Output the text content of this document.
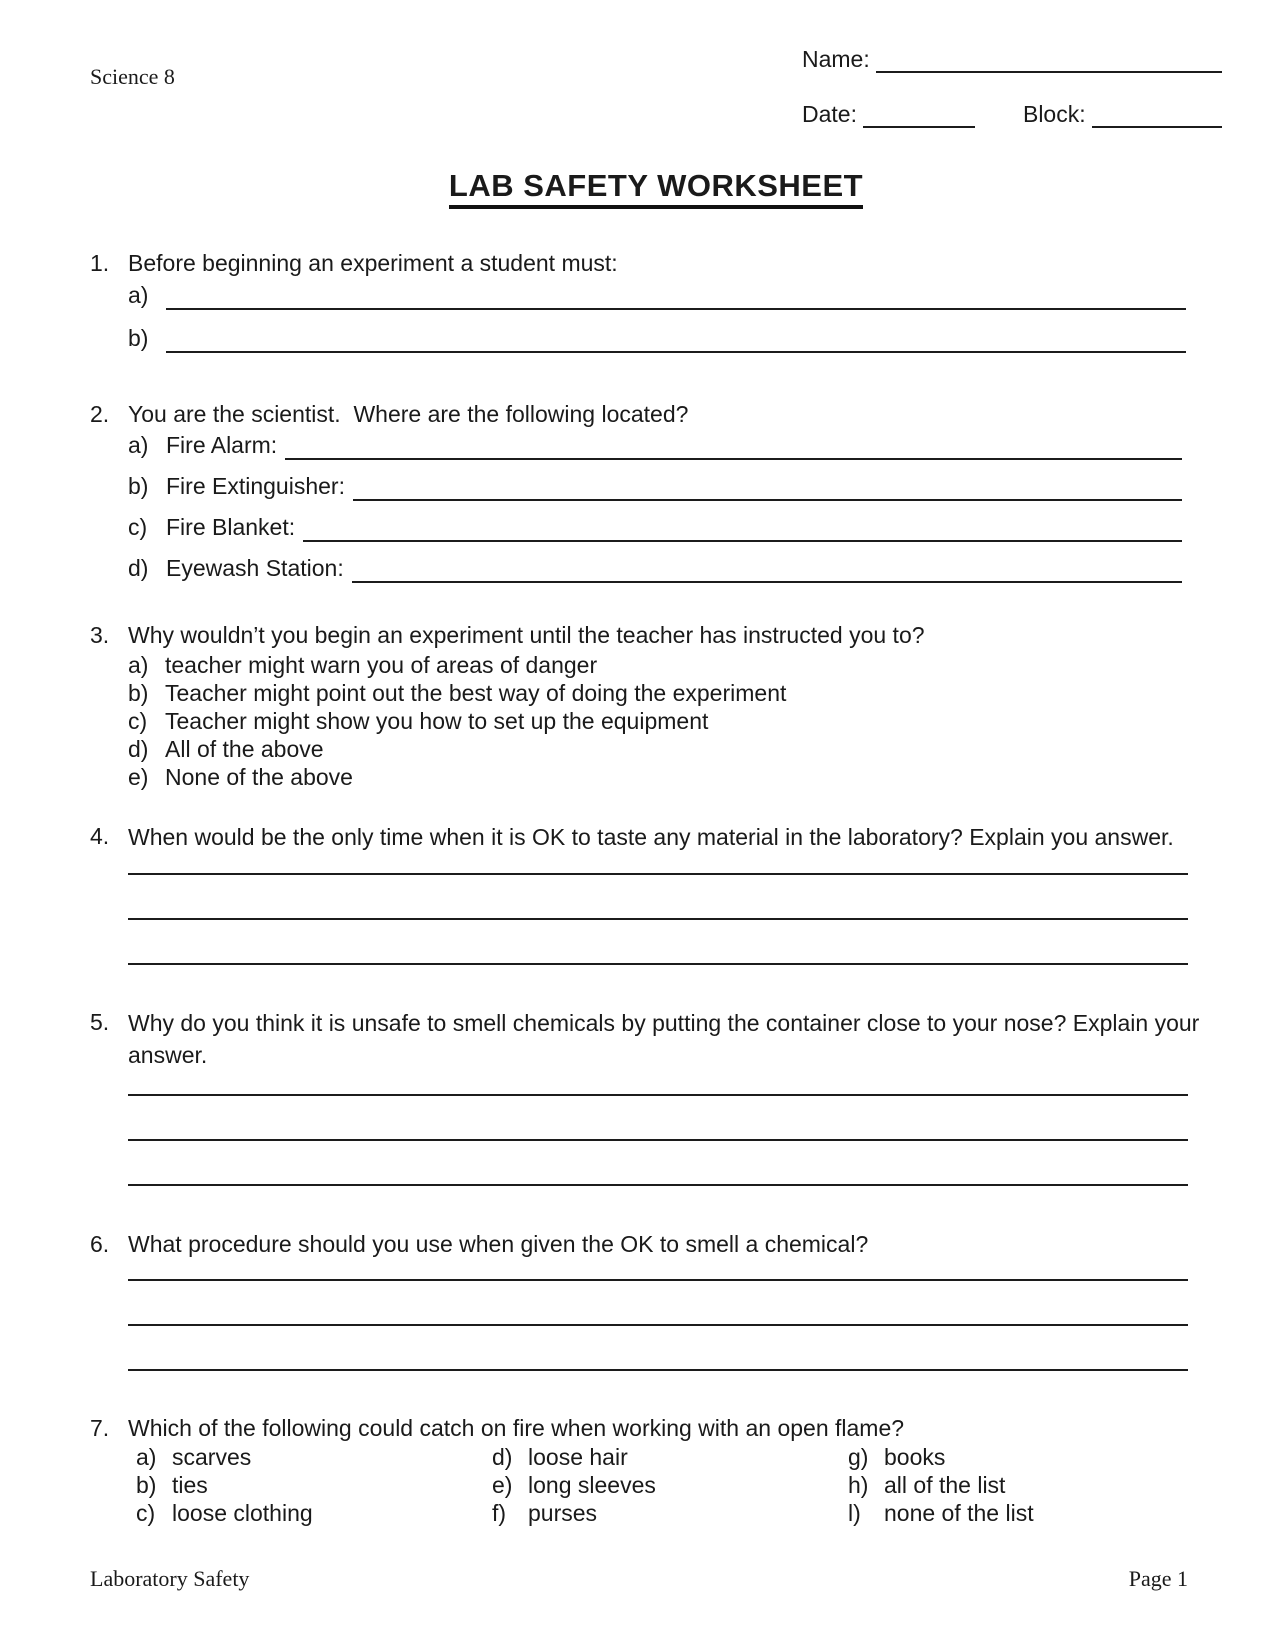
Science 8
Name:
Date:	Block:
LAB SAFETY WORKSHEET
1. Before beginning an experiment a student must:
a)
b)
2. You are the scientist.  Where are the following located?
a) Fire Alarm:
b) Fire Extinguisher:
c) Fire Blanket:
d) Eyewash Station:
3. Why wouldn’t you begin an experiment until the teacher has instructed you to?
a) teacher might warn you of areas of danger
b) Teacher might point out the best way of doing the experiment
c) Teacher might show you how to set up the equipment
d) All of the above
e) None of the above
4. When would be the only time when it is OK to taste any material in the laboratory? Explain you answer.
5. Why do you think it is unsafe to smell chemicals by putting the container close to your nose? Explain your answer.
6. What procedure should you use when given the OK to smell a chemical?
7. Which of the following could catch on fire when working with an open flame?
a) scarves	d) loose hair	g) books
b) ties	e) long sleeves	h) all of the list
c) loose clothing	f) purses	l)	none of the list
Laboratory Safety	Page 1
